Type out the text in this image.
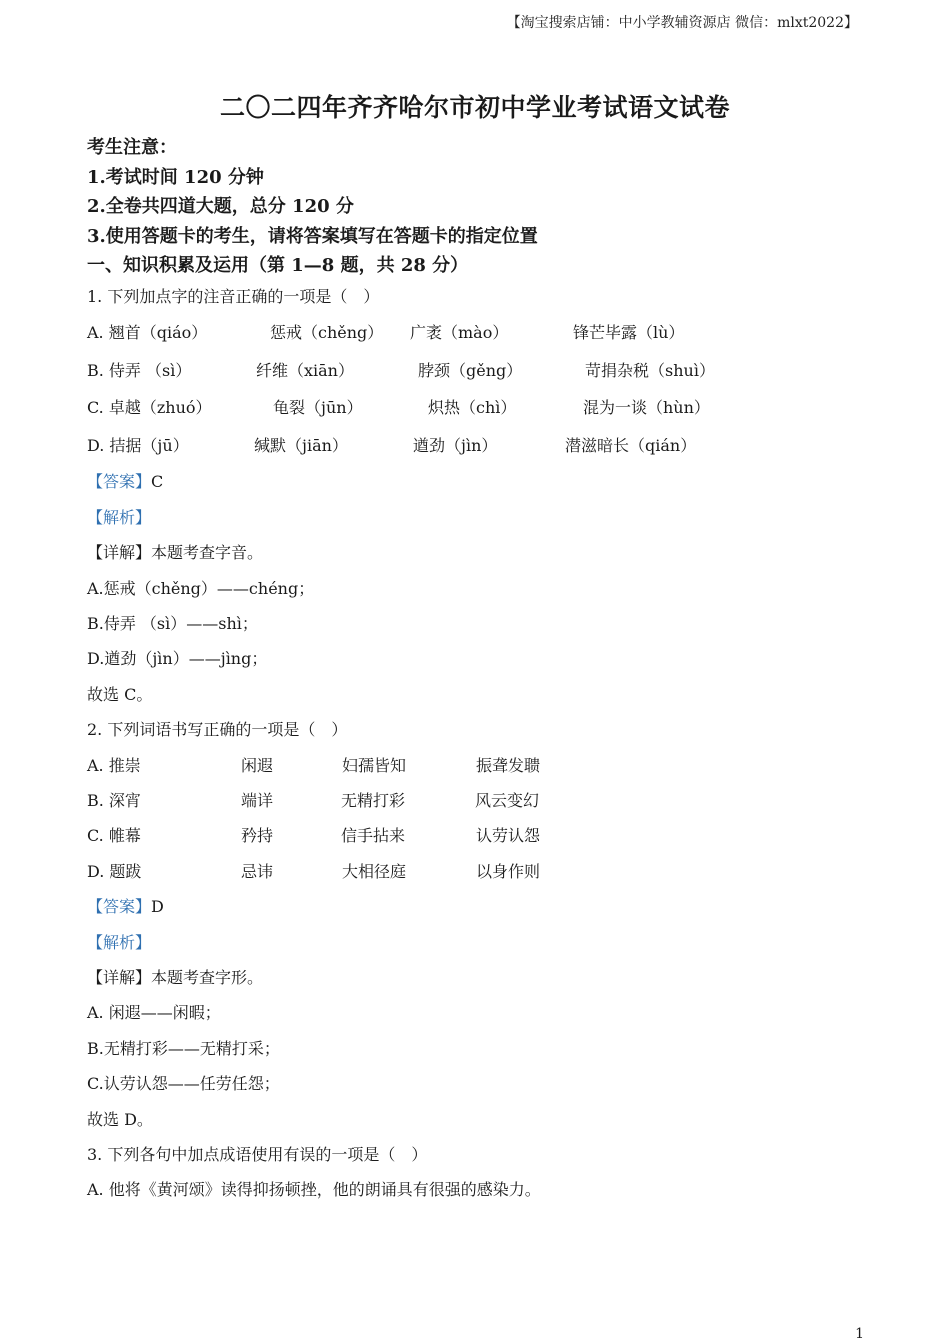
【淘宝搜索店铺：中小学教辅资源店 微信：mlxt2022】
二〇二四年齐齐哈尔市初中学业考试语文试卷
考生注意：
1.考试时间 120 分钟
2.全卷共四道大题，总分 120 分
3.使用答题卡的考生，请将答案填写在答题卡的指定位置
一、知识积累及运用（第 1—8 题，共 28 分）
1. 下列加点字的注音正确的一项是（　）
A. 翘首（qiáo）	惩戒（chěng） 广袤（mào）	锋芒毕露（lù）
B. 侍弄 （sì）	纤维（xiān）	脖颈（gěng）	苛捐杂税（shuì）
C. 卓越（zhuó）	龟裂（jūn）	炽热（chì）	混为一谈（hùn）
D. 拮据（jū）	缄默（jiān）	遒劲（jìn）	潜滋暗长（qián）
【答案】C
【解析】
【详解】本题考查字音。
A.惩戒（chěng）——chéng；
B.侍弄 （sì）——shì；
D.遒劲（jìn）——jìng；
故选 C。
2. 下列词语书写正确的一项是（　）
A. 推崇	闲遐	妇孺皆知	振聋发聩
B. 深宵	端详	无精打彩	风云变幻
C. 帷幕	矜持	信手拈来	认劳认怨
D. 题跋	忌讳	大相径庭	以身作则
【答案】D
【解析】
【详解】本题考查字形。
A. 闲遐——闲暇；
B.无精打彩——无精打采；
C.认劳认怨——任劳任怨；
故选 D。
3. 下列各句中加点成语使用有误的一项是（　）
A. 他将《黄河颂》读得抑扬顿挫，他的朗诵具有很强的感染力。
1
